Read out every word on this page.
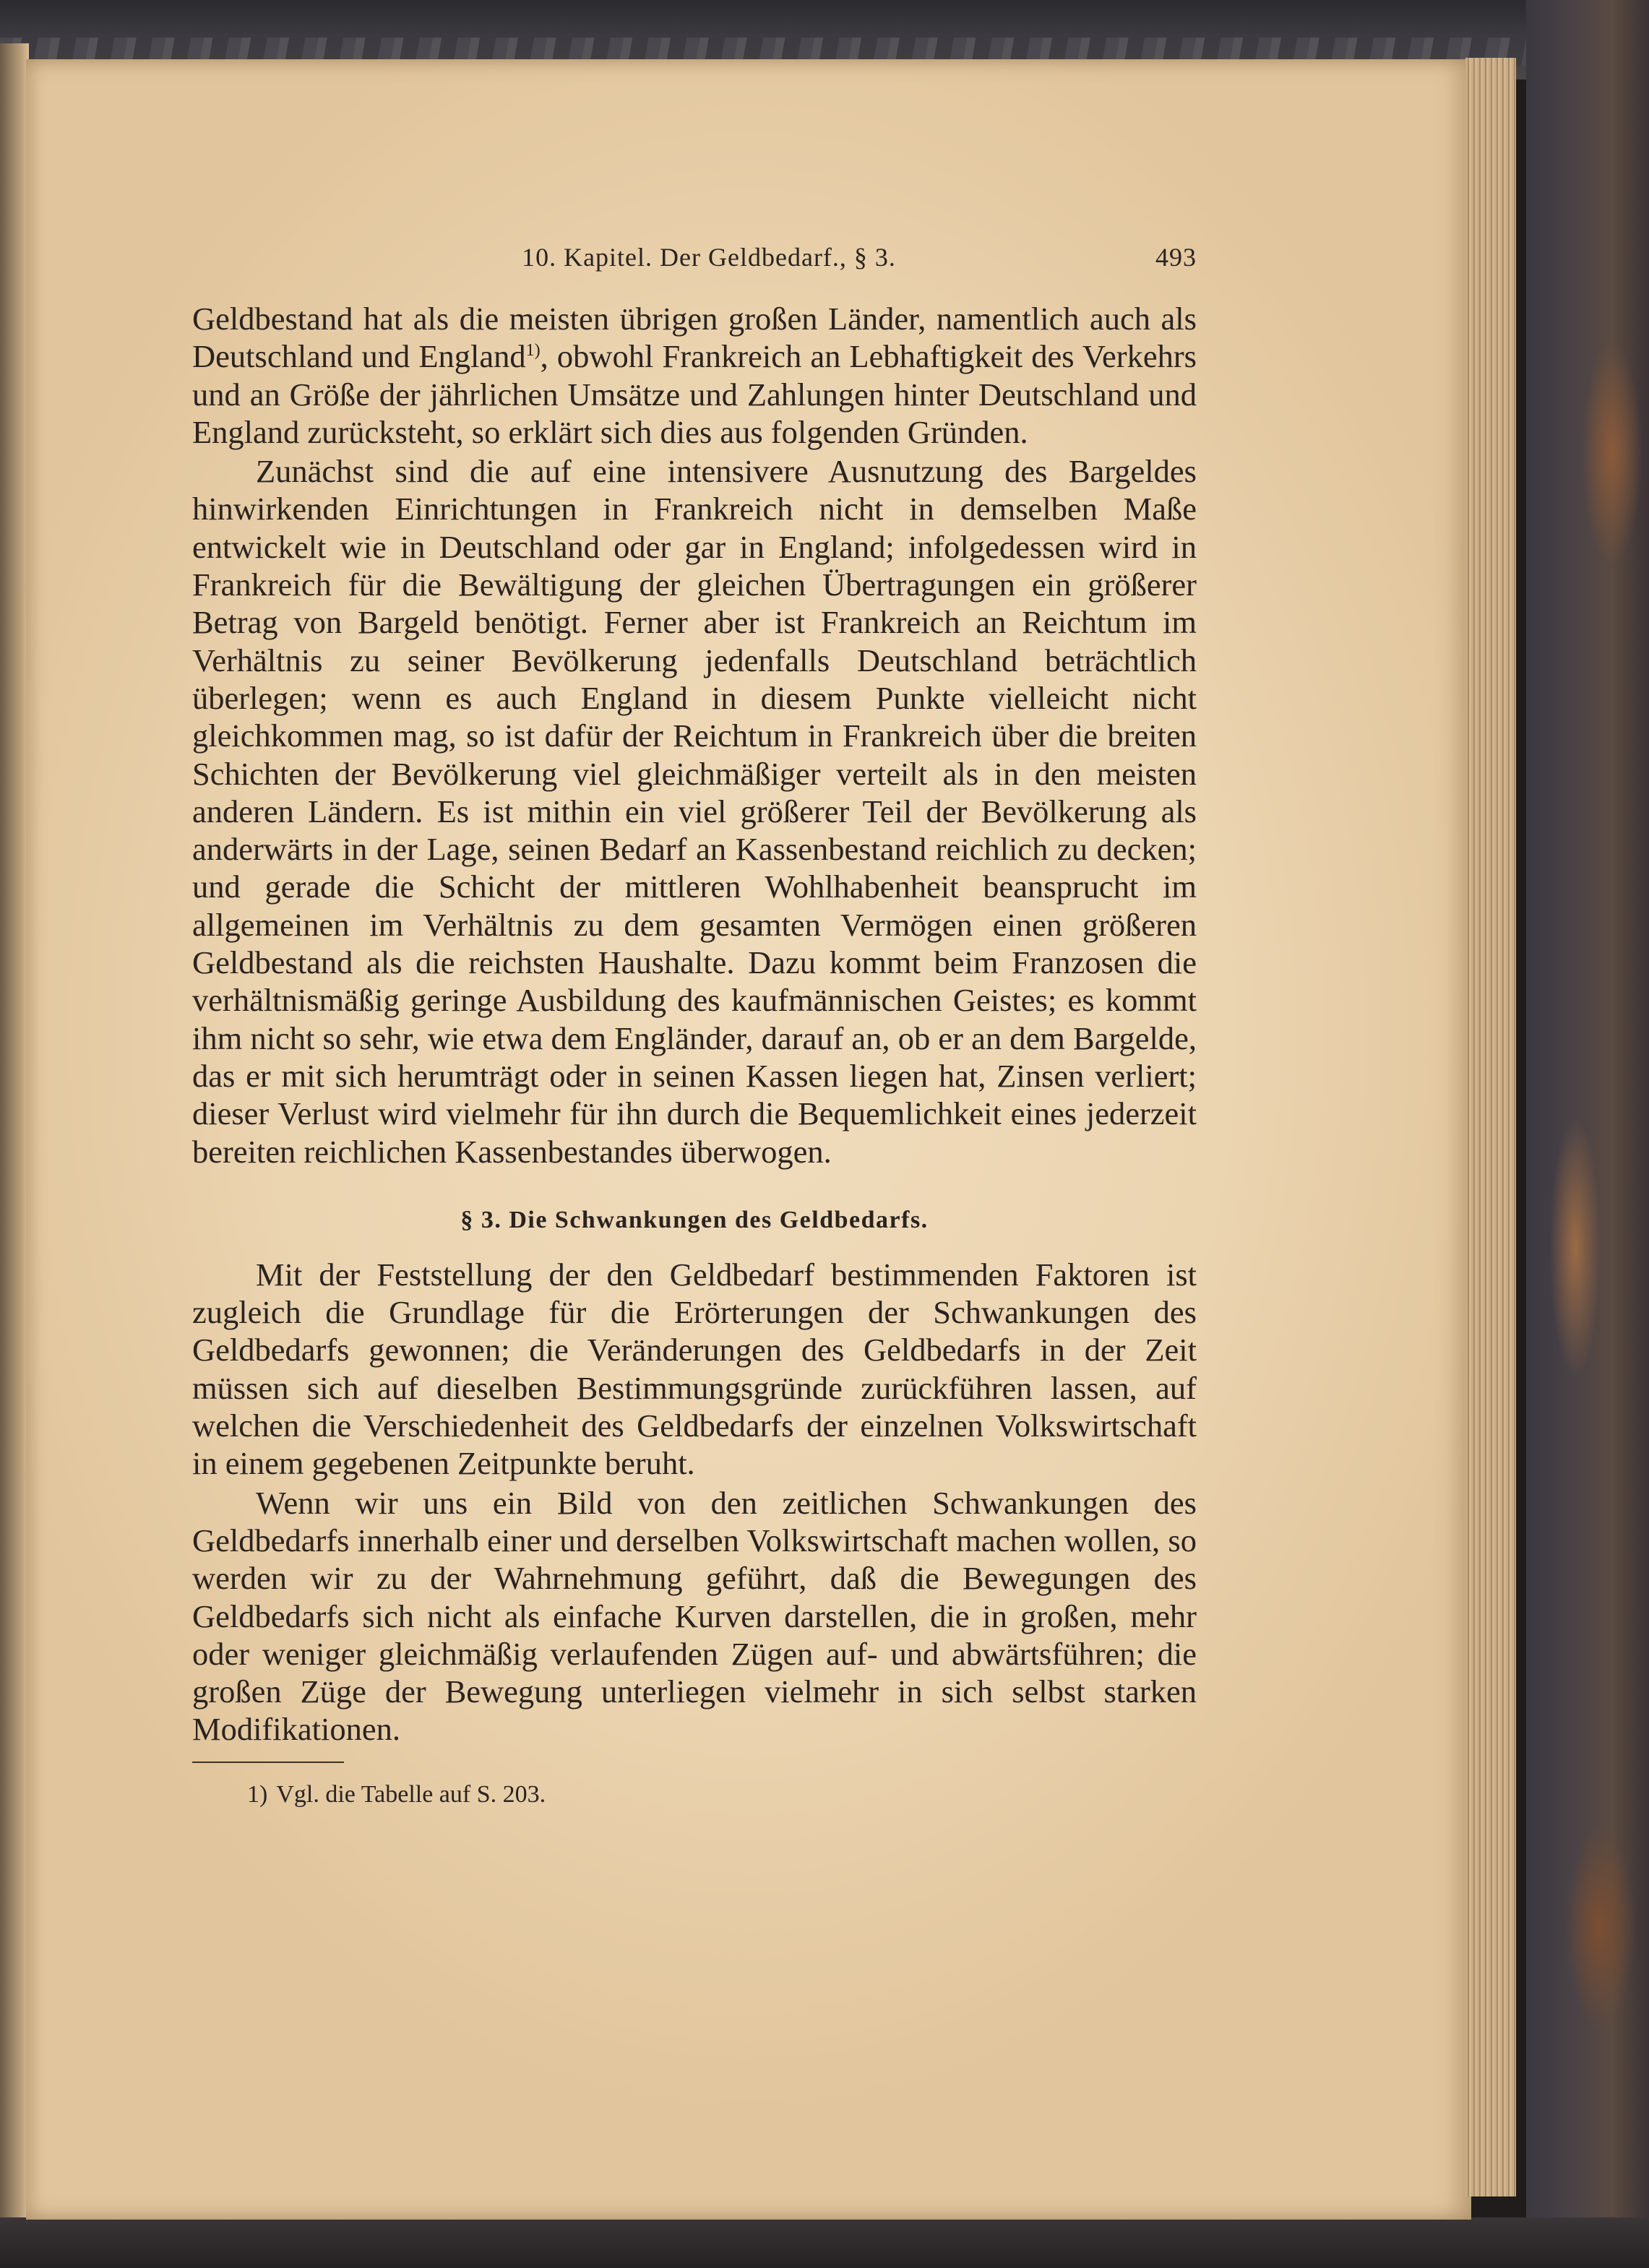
10. Kapitel. Der Geldbedarf., § 3.	493

Geldbestand hat als die meisten übrigen großen Länder, namentlich auch als Deutschland und England$^{1)}$, obwohl Frankreich an Lebhaftigkeit des Verkehrs und an Größe der jährlichen Umsätze und Zahlungen hinter Deutschland und England zurücksteht, so erklärt sich dies aus folgenden Gründen.

Zunächst sind die auf eine intensivere Ausnutzung des Bargeldes hinwirkenden Einrichtungen in Frankreich nicht in demselben Maße entwickelt wie in Deutschland oder gar in England; infolgedessen wird in Frankreich für die Bewältigung der gleichen Übertragungen ein größerer Betrag von Bargeld benötigt. Ferner aber ist Frankreich an Reichtum im Verhältnis zu seiner Bevölkerung jedenfalls Deutschland beträchtlich überlegen; wenn es auch England in diesem Punkte vielleicht nicht gleichkommen mag, so ist dafür der Reichtum in Frankreich über die breiten Schichten der Bevölkerung viel gleichmäßiger verteilt als in den meisten anderen Ländern. Es ist mithin ein viel größerer Teil der Bevölkerung als anderwärts in der Lage, seinen Bedarf an Kassenbestand reichlich zu decken; und gerade die Schicht der mittleren Wohlhabenheit beansprucht im allgemeinen im Verhältnis zu dem gesamten Vermögen einen größeren Geldbestand als die reichsten Haushalte. Dazu kommt beim Franzosen die verhältnismäßig geringe Ausbildung des kaufmännischen Geistes; es kommt ihm nicht so sehr, wie etwa dem Engländer, darauf an, ob er an dem Bargelde, das er mit sich herumträgt oder in seinen Kassen liegen hat, Zinsen verliert; dieser Verlust wird vielmehr für ihn durch die Bequemlichkeit eines jederzeit bereiten reichlichen Kassenbestandes überwogen.

§ 3. Die Schwankungen des Geldbedarfs.

Mit der Feststellung der den Geldbedarf bestimmenden Faktoren ist zugleich die Grundlage für die Erörterungen der Schwankungen des Geldbedarfs gewonnen; die Veränderungen des Geldbedarfs in der Zeit müssen sich auf dieselben Bestimmungsgründe zurückführen lassen, auf welchen die Verschiedenheit des Geldbedarfs der einzelnen Volkswirtschaft in einem gegebenen Zeitpunkte beruht.

Wenn wir uns ein Bild von den zeitlichen Schwankungen des Geldbedarfs innerhalb einer und derselben Volkswirtschaft machen wollen, so werden wir zu der Wahrnehmung geführt, daß die Bewegungen des Geldbedarfs sich nicht als einfache Kurven darstellen, die in großen, mehr oder weniger gleichmäßig verlaufenden Zügen auf- und abwärtsführen; die großen Züge der Bewegung unterliegen vielmehr in sich selbst starken Modifikationen.

1) Vgl. die Tabelle auf S. 203.
